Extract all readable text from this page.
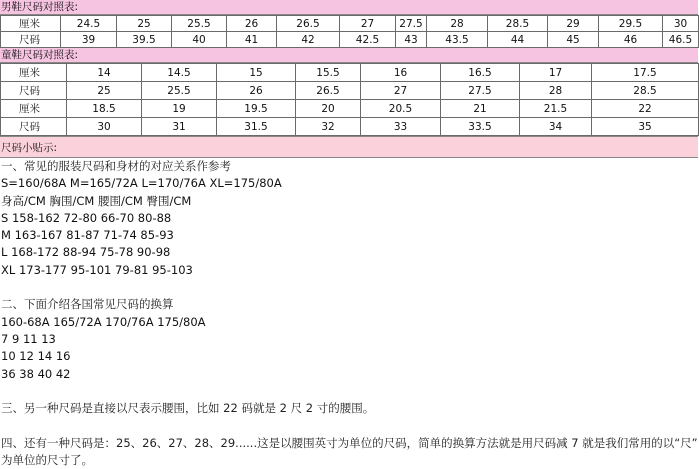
男鞋尺码对照表:
厘米	24.5	25	25.5	26	26.5	27	27.5	28	28.5	29	29.5	30
尺码	39	39.5	40	41	42	42.5	43	43.5	44	45	46	46.5
童鞋尺码对照表:
厘米	14	14.5	15	15.5	16	16.5	17	17.5	
尺码	25	25.5	26	26.5	27	27.5	28	28.5	
厘米	18.5	19	19.5	20	20.5	21	21.5	22	
尺码	30	31	31.5	32	33	33.5	34	35	
尺码小贴示:
一、常见的服装尺码和身材的对应关系作参考
S=160/68A M=165/72A L=170/76A XL=175/80A
身高/CM 胸围/CM 腰围/CM 臀围/CM
S 158-162 72-80 66-70 80-88
M 163-167 81-87 71-74 85-93
L 168-172 88-94 75-78 90-98
XL 173-177 95-101 79-81 95-103
二、下面介绍各国常见尺码的换算
160-68A 165/72A 170/76A 175/80A
7 9 11 13
10 12 14 16
36 38 40 42
三、另一种尺码是直接以尺表示腰围，比如 22 码就是 2 尺 2 寸的腰围。
四、还有一种尺码是：25、26、27、28、29......这是以腰围英寸为单位的尺码，简单的换算方法就是用尺码减 7 就是我们常用的以“尺”
为单位的尺寸了。
